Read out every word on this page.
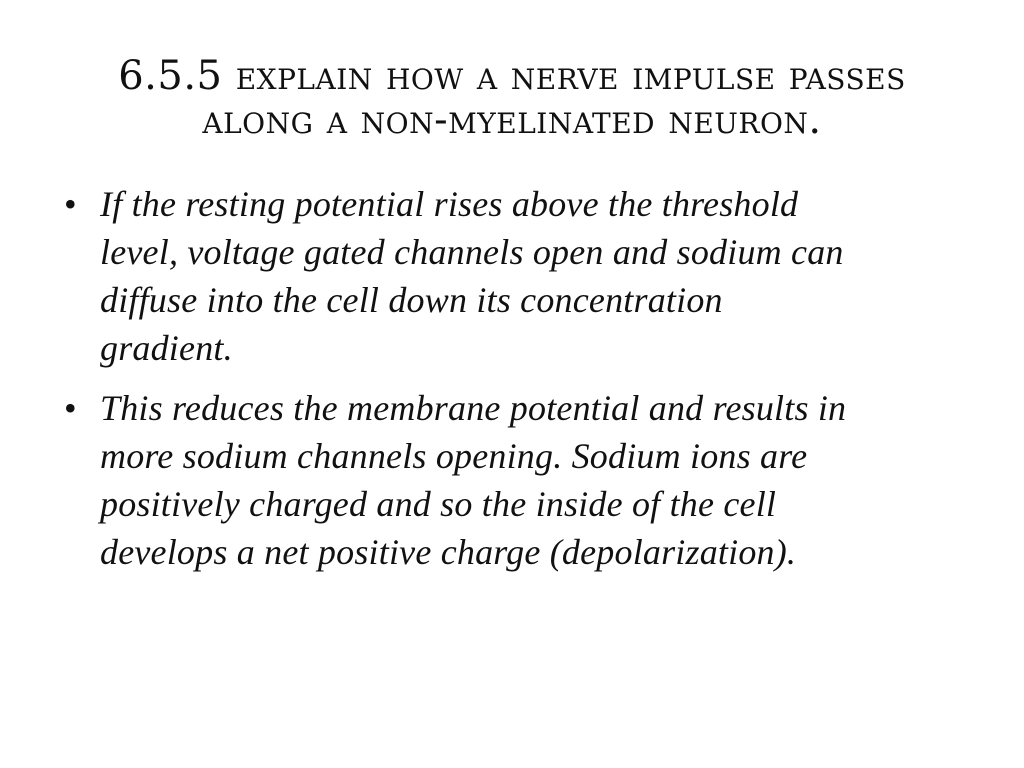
6.5.5 explain how a nerve impulse passes
along a non-myelinated neuron.
• If the resting potential rises above the threshold
level, voltage gated channels open and sodium can
diffuse into the cell down its concentration
gradient.
• This reduces the membrane potential and results in
more sodium channels opening. Sodium ions are
positively charged and so the inside of the cell
develops a net positive charge (depolarization).
